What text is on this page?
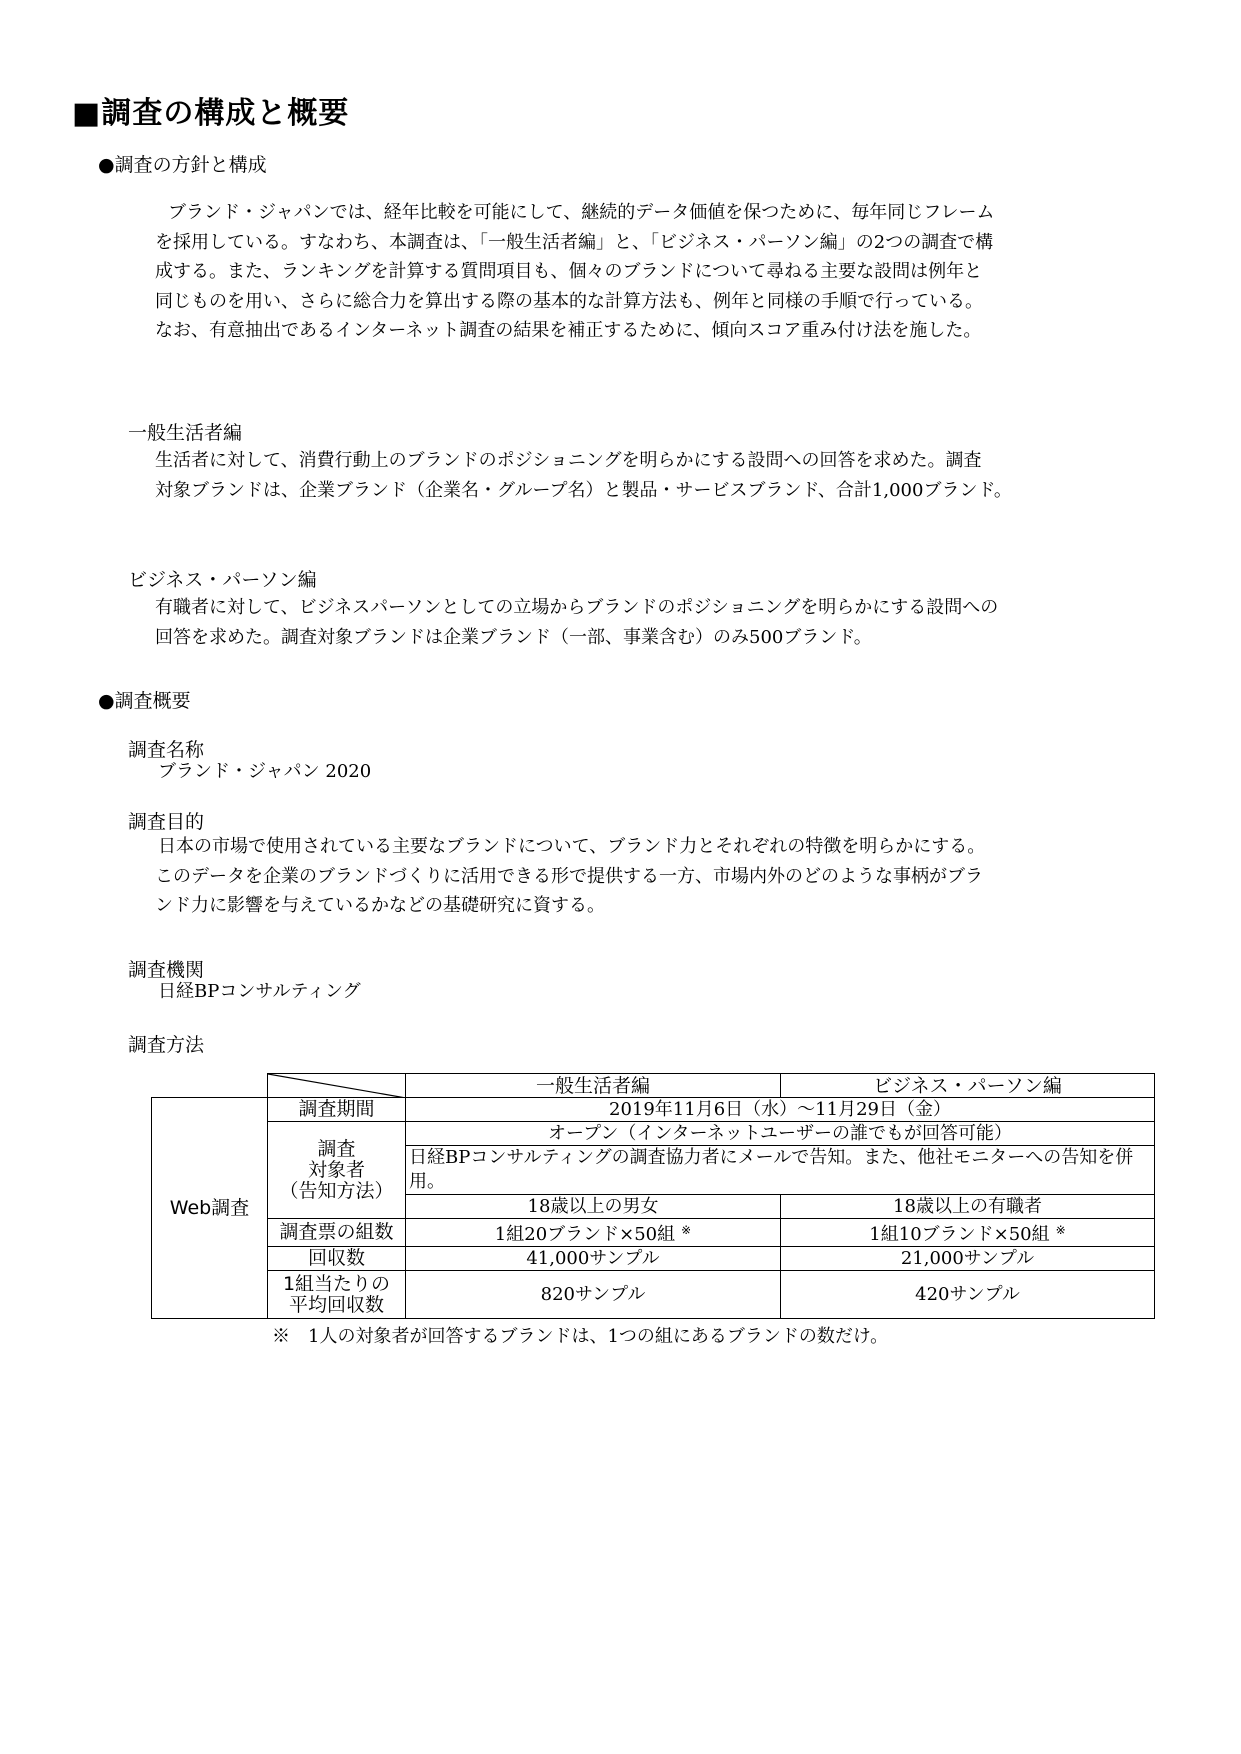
■調査の構成と概要
●調査の方針と構成
ブランド・ジャパンでは、経年比較を可能にして、継続的データ価値を保つために、毎年同じフレーム
を採用している。すなわち、本調査は、「一般生活者編」と、「ビジネス・パーソン編」の2つの調査で構
成する。また、ランキングを計算する質問項目も、個々のブランドについて尋ねる主要な設問は例年と
同じものを用い、さらに総合力を算出する際の基本的な計算方法も、例年と同様の手順で行っている。
なお、有意抽出であるインターネット調査の結果を補正するために、傾向スコア重み付け法を施した。
一般生活者編
生活者に対して、消費行動上のブランドのポジショニングを明らかにする設問への回答を求めた。調査
対象ブランドは、企業ブランド（企業名・グループ名）と製品・サービスブランド、合計1,000ブランド。
ビジネス・パーソン編
有職者に対して、ビジネスパーソンとしての立場からブランドのポジショニングを明らかにする設問への
回答を求めた。調査対象ブランドは企業ブランド（一部、事業含む）のみ500ブランド。
●調査概要
調査名称
ブランド・ジャパン 2020
調査目的
日本の市場で使用されている主要なブランドについて、ブランド力とそれぞれの特徴を明らかにする。
このデータを企業のブランドづくりに活用できる形で提供する一方、市場内外のどのような事柄がブラ
ンド力に影響を与えているかなどの基礎研究に資する。
調査機関
日経BPコンサルティング
調査方法

	一般生活者編	ビジネス・パーソン編
Web調査	調査期間	2019年11月6日（水）～11月29日（金）	

	調査
対象者
（告知方法）	オープン（インターネットユーザーの誰でもが回答可能）	
		日経BPコンサルティングの調査協力者にメールで告知。また、他社モニターへの告知を併用。	
		18歳以上の男女	18歳以上の有職者
	調査票の組数	1組20ブランド×50組 ※	1組10ブランド×50組 ※
	回収数	41,000サンプル	21,000サンプル

	1組当たりの
平均回収数	820サンプル	420サンプル
※　1人の対象者が回答するブランドは、1つの組にあるブランドの数だけ。
